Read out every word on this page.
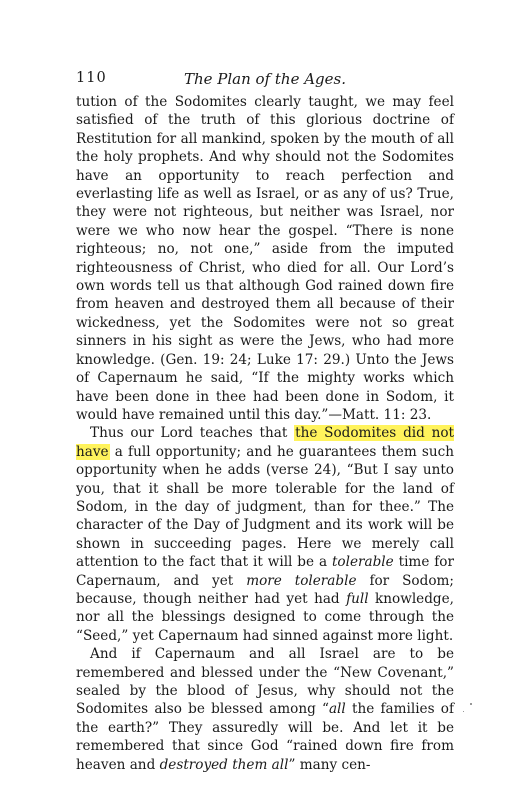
110	The Plan of the Ages.

tution of the Sodomites clearly taught, we may feel satisfied of the truth of this glorious doctrine of Restitution for all mankind, spoken by the mouth of all the holy prophets. And why should not the Sodomites have an opportunity to reach perfection and everlasting life as well as Israel, or as any of us? True, they were not righteous, but neither was Israel, nor were we who now hear the gospel. “There is none righteous; no, not one,” aside from the imputed righteousness of Christ, who died for all. Our Lord’s own words tell us that although God rained down fire from heaven and destroyed them all because of their wickedness, yet the Sodomites were not so great sinners in his sight as were the Jews, who had more knowledge. (Gen. 19: 24; Luke 17: 29.) Unto the Jews of Capernaum he said, “If the mighty works which have been done in thee had been done in Sodom, it would have remained until this day.”—Matt. 11: 23.

Thus our Lord teaches that the Sodomites did not have a full opportunity; and he guarantees them such opportunity when he adds (verse 24), “But I say unto you, that it shall be more tolerable for the land of Sodom, in the day of judgment, than for thee.” The character of the Day of Judgment and its work will be shown in succeeding pages. Here we merely call attention to the fact that it will be a tolerable time for Capernaum, and yet more tolerable for Sodom; because, though neither had yet had full knowledge, nor all the blessings designed to come through the “Seed,” yet Capernaum had sinned against more light.

And if Capernaum and all Israel are to be remembered and blessed under the “New Covenant,” sealed by the blood of Jesus, why should not the Sodomites also be blessed among “all the families of the earth?” They assuredly will be. And let it be remembered that since God “rained down fire from heaven and destroyed them all” many cen-
